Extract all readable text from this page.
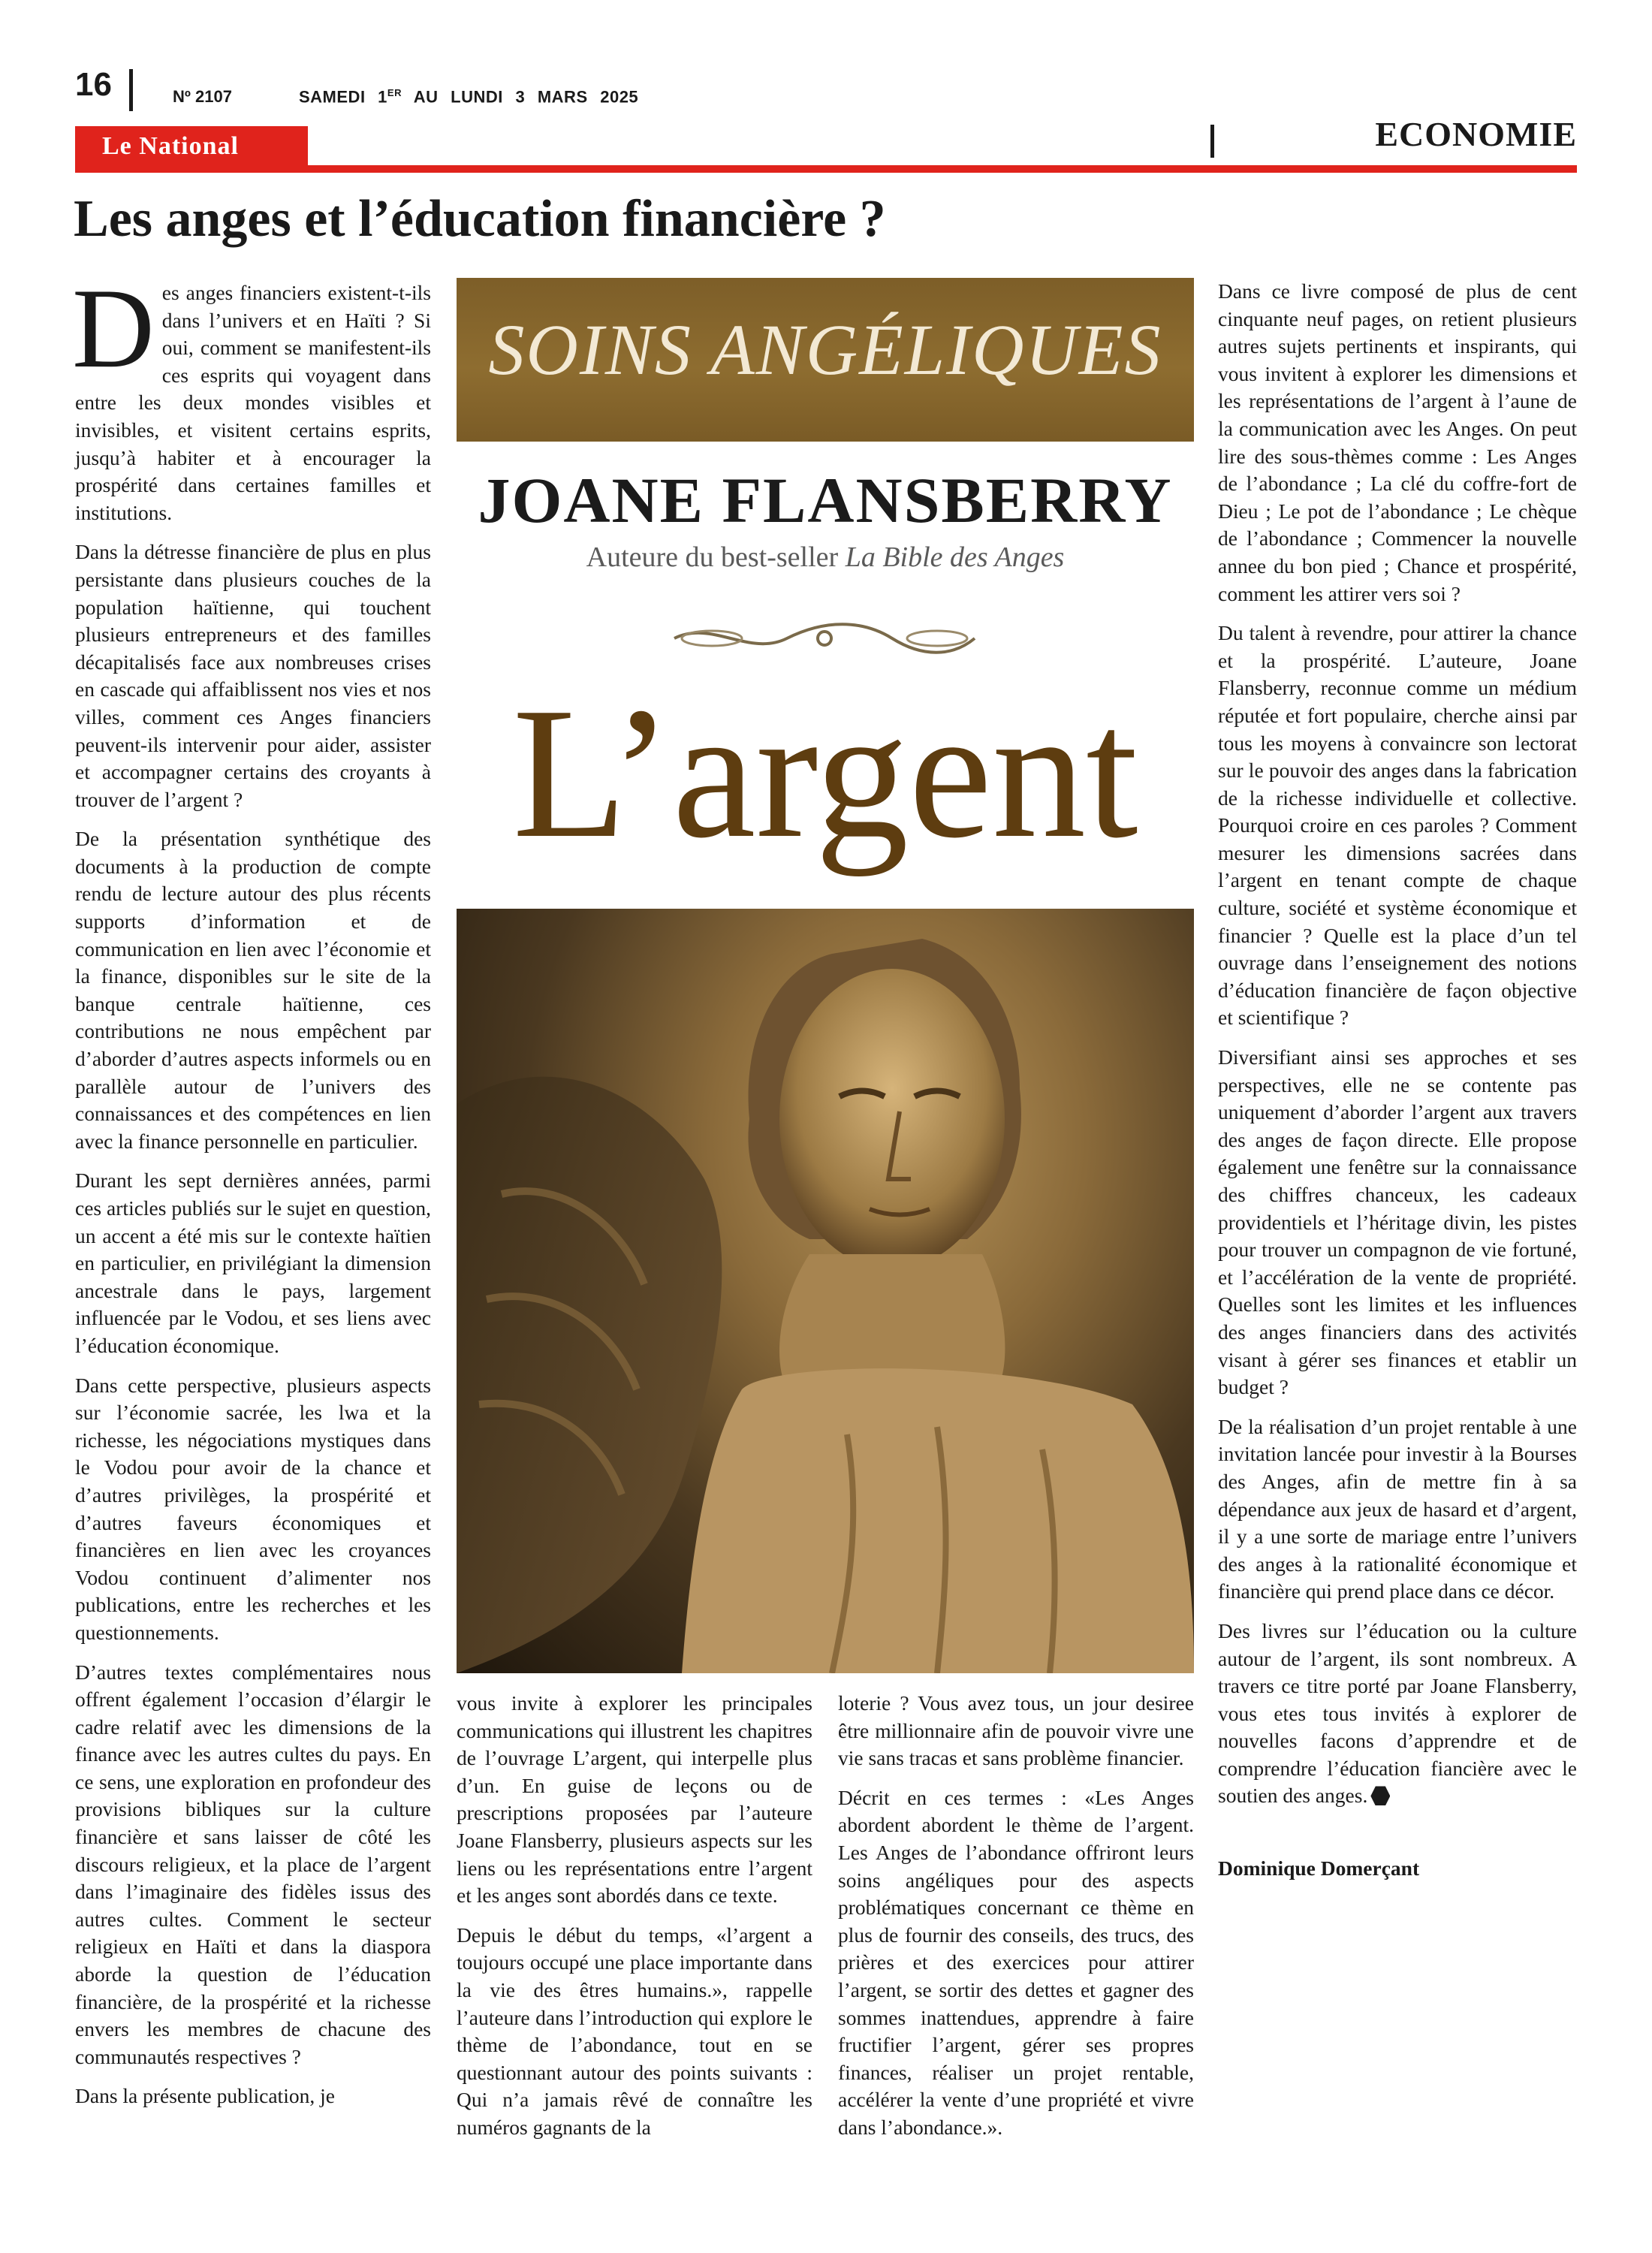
16	Nº 2107	SAMEDI 1ER AU LUNDI 3 MARS 2025
Le National	ECONOMIE
Les anges et l’éducation financière ?

Des anges financiers existent-t-ils dans l’univers et en Haïti ? Si oui, comment se manifestent-ils ces esprits qui voyagent dans entre les deux mondes visibles et invisibles, et visitent certains esprits, jusqu’à habiter et à encourager la prospérité dans certaines familles et institutions.

Dans la détresse financière de plus en plus persistante dans plusieurs couches de la population haïtienne, qui touchent plusieurs entrepreneurs et des familles décapitalisés face aux nombreuses crises en cascade qui affaiblissent nos vies et nos villes, comment ces Anges financiers peuvent-ils intervenir pour aider, assister et accompagner certains des croyants à trouver de l’argent ?

De la présentation synthétique des documents à la production de compte rendu de lecture autour des plus récents supports d’information et de communication en lien avec l’économie et la finance, disponibles sur le site de la banque centrale haïtienne, ces contributions ne nous empêchent par d’aborder d’autres aspects informels ou en parallèle autour de l’univers des connaissances et des compétences en lien avec la finance personnelle en particulier.

Durant les sept dernières années, parmi ces articles publiés sur le sujet en question, un accent a été mis sur le contexte haïtien en particulier, en privilégiant la dimension ancestrale dans le pays, largement influencée par le Vodou, et ses liens avec l’éducation économique.

Dans cette perspective, plusieurs aspects sur l’économie sacrée, les lwa et la richesse, les négociations mystiques dans le Vodou pour avoir de la chance et d’autres privilèges, la prospérité et d’autres faveurs économiques et financières en lien avec les croyances Vodou continuent d’alimenter nos publications, entre les recherches et les questionnements.

D’autres textes complémentaires nous offrent également l’occasion d’élargir le cadre relatif avec les dimensions de la finance avec les autres cultes du pays. En ce sens, une exploration en profondeur des provisions bibliques sur la culture financière et sans laisser de côté les discours religieux, et la place de l’argent dans l’imaginaire des fidèles issus des autres cultes. Comment le secteur religieux en Haïti et dans la diaspora aborde la question de l’éducation financière, de la prospérité et la richesse envers les membres de chacune des communautés respectives ?

Dans la présente publication, je

SOINS ANGÉLIQUES
JOANE FLANSBERRY
Auteure du best-seller La Bible des Anges
L’argent

vous invite à explorer les principales communications qui illustrent les chapitres de l’ouvrage L’argent, qui interpelle plus d’un. En guise de leçons ou de prescriptions proposées par l’auteure Joane Flansberry, plusieurs aspects sur les liens ou les représentations entre l’argent et les anges sont abordés dans ce texte.

Depuis le début du temps, «l’argent a toujours occupé une place importante dans la vie des êtres humains.», rappelle l’auteure dans l’introduction qui explore le thème de l’abondance, tout en se questionnant autour des points suivants : Qui n’a jamais rêvé de connaître les numéros gagnants de la

loterie ? Vous avez tous, un jour desiree être millionnaire afin de pouvoir vivre une vie sans tracas et sans problème financier.

Décrit en ces termes : «Les Anges abordent abordent le thème de l’argent. Les Anges de l’abondance offriront leurs soins angéliques pour des aspects problématiques concernant ce thème en plus de fournir des conseils, des trucs, des prières et des exercices pour attirer l’argent, se sortir des dettes et gagner des sommes inattendues, apprendre à faire fructifier l’argent, gérer ses propres finances, réaliser un projet rentable, accélérer la vente d’une propriété et vivre dans l’abondance.».

Dans ce livre composé de plus de cent cinquante neuf pages, on retient plusieurs autres sujets pertinents et inspirants, qui vous invitent à explorer les dimensions et les représentations de l’argent à l’aune de la communication avec les Anges. On peut lire des sous-thèmes comme : Les Anges de l’abondance ; La clé du coffre-fort de Dieu ; Le pot de l’abondance ; Le chèque de l’abondance ; Commencer la nouvelle annee du bon pied ; Chance et prospérité, comment les attirer vers soi ?

Du talent à revendre, pour attirer la chance et la prospérité. L’auteure, Joane Flansberry, reconnue comme un médium réputée et fort populaire, cherche ainsi par tous les moyens à convaincre son lectorat sur le pouvoir des anges dans la fabrication de la richesse individuelle et collective. Pourquoi croire en ces paroles ? Comment mesurer les dimensions sacrées dans l’argent en tenant compte de chaque culture, société et système économique et financier ? Quelle est la place d’un tel ouvrage dans l’enseignement des notions d’éducation financière de façon objective et scientifique ?

Diversifiant ainsi ses approches et ses perspectives, elle ne se contente pas uniquement d’aborder l’argent aux travers des anges de façon directe. Elle propose également une fenêtre sur la connaissance des chiffres chanceux, les cadeaux providentiels et l’héritage divin, les pistes pour trouver un compagnon de vie fortuné, et l’accélération de la vente de propriété. Quelles sont les limites et les influences des anges financiers dans des activités visant à gérer ses finances et etablir un budget ?

De la réalisation d’un projet rentable à une invitation lancée pour investir à la Bourses des Anges, afin de mettre fin à sa dépendance aux jeux de hasard et d’argent, il y a une sorte de mariage entre l’univers des anges à la rationalité économique et financière qui prend place dans ce décor.

Des livres sur l’éducation ou la culture autour de l’argent, ils sont nombreux. A travers ce titre porté par Joane Flansberry, vous etes tous invités à explorer de nouvelles facons d’apprendre et de comprendre l’éducation fiancière avec le soutien des anges.

Dominique Domerçant
